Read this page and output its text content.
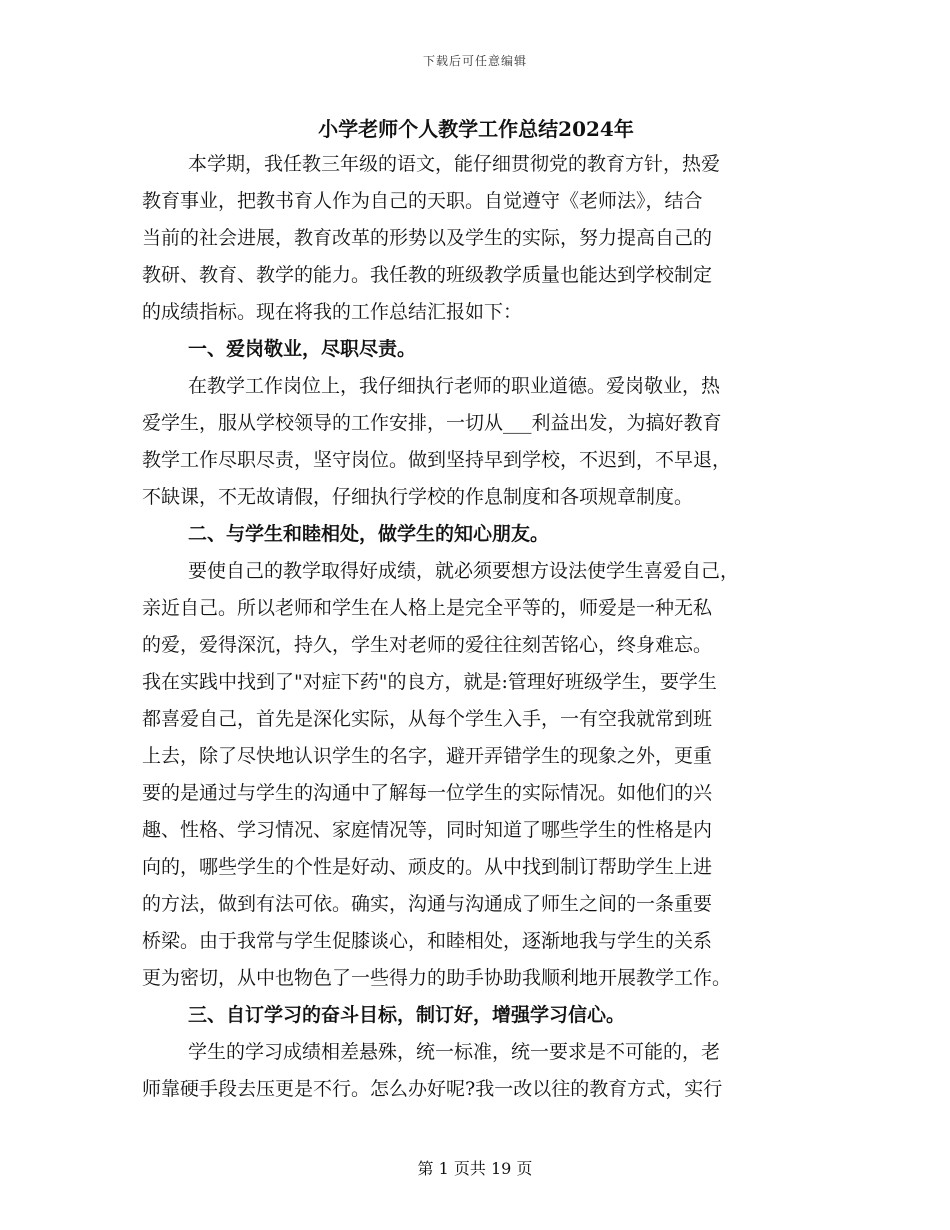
下载后可任意编辑
小学老师个人教学工作总结2024年
本学期，我任教三年级的语文，能仔细贯彻党的教育方针，热爱
教育事业，把教书育人作为自己的天职。自觉遵守《老师法》，结合
当前的社会进展，教育改革的形势以及学生的实际，努力提高自己的
教研、教育、教学的能力。我任教的班级教学质量也能达到学校制定
的成绩指标。现在将我的工作总结汇报如下：
一、爱岗敬业，尽职尽责。
在教学工作岗位上，我仔细执行老师的职业道德。爱岗敬业，热
爱学生，服从学校领导的工作安排，一切从___利益出发，为搞好教育
教学工作尽职尽责，坚守岗位。做到坚持早到学校，不迟到，不早退，
不缺课，不无故请假，仔细执行学校的作息制度和各项规章制度。
二、与学生和睦相处，做学生的知心朋友。
要使自己的教学取得好成绩，就必须要想方设法使学生喜爱自己，
亲近自己。所以老师和学生在人格上是完全平等的，师爱是一种无私
的爱，爱得深沉，持久，学生对老师的爱往往刻苦铭心，终身难忘。
我在实践中找到了"对症下药"的良方，就是:管理好班级学生，要学生
都喜爱自己，首先是深化实际，从每个学生入手，一有空我就常到班
上去，除了尽快地认识学生的名字，避开弄错学生的现象之外，更重
要的是通过与学生的沟通中了解每一位学生的实际情况。如他们的兴
趣、性格、学习情况、家庭情况等，同时知道了哪些学生的性格是内
向的，哪些学生的个性是好动、顽皮的。从中找到制订帮助学生上进
的方法，做到有法可依。确实，沟通与沟通成了师生之间的一条重要
桥梁。由于我常与学生促膝谈心，和睦相处，逐渐地我与学生的关系
更为密切，从中也物色了一些得力的助手协助我顺利地开展教学工作。
三、自订学习的奋斗目标，制订好，增强学习信心。
学生的学习成绩相差悬殊，统一标准，统一要求是不可能的，老
师靠硬手段去压更是不行。怎么办好呢?我一改以往的教育方式，实行
第 1 页共 19 页
